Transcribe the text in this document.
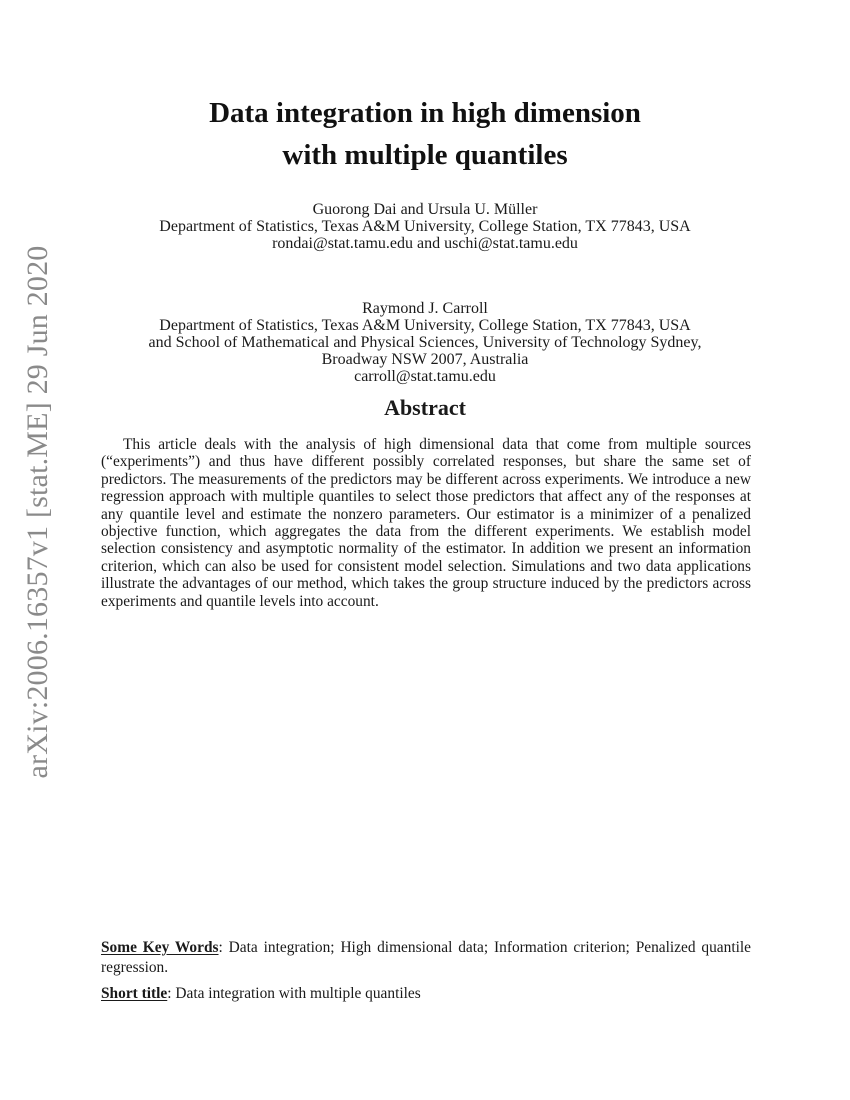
arXiv:2006.16357v1 [stat.ME] 29 Jun 2020
Data integration in high dimension
with multiple quantiles
Guorong Dai and Ursula U. Müller
Department of Statistics, Texas A&M University, College Station, TX 77843, USA
rondai@stat.tamu.edu and uschi@stat.tamu.edu
Raymond J. Carroll
Department of Statistics, Texas A&M University, College Station, TX 77843, USA
and School of Mathematical and Physical Sciences, University of Technology Sydney,
Broadway NSW 2007, Australia
carroll@stat.tamu.edu
Abstract

This article deals with the analysis of high dimensional data that come from multiple sources (“experiments”) and thus have different possibly correlated responses, but share the same set of predictors. The measurements of the predictors may be different across experiments. We introduce a new regression approach with multiple quantiles to select those predictors that affect any of the responses at any quantile level and estimate the nonzero parameters. Our estimator is a minimizer of a penalized objective function, which aggregates the data from the different experiments. We establish model selection consistency and asymptotic normality of the estimator. In addition we present an information criterion, which can also be used for consistent model selection. Simulations and two data applications illustrate the advantages of our method, which takes the group structure induced by the predictors across experiments and quantile levels into account.

Some Key Words: Data integration; High dimensional data; Information criterion; Penalized quantile regression.

Short title: Data integration with multiple quantiles
